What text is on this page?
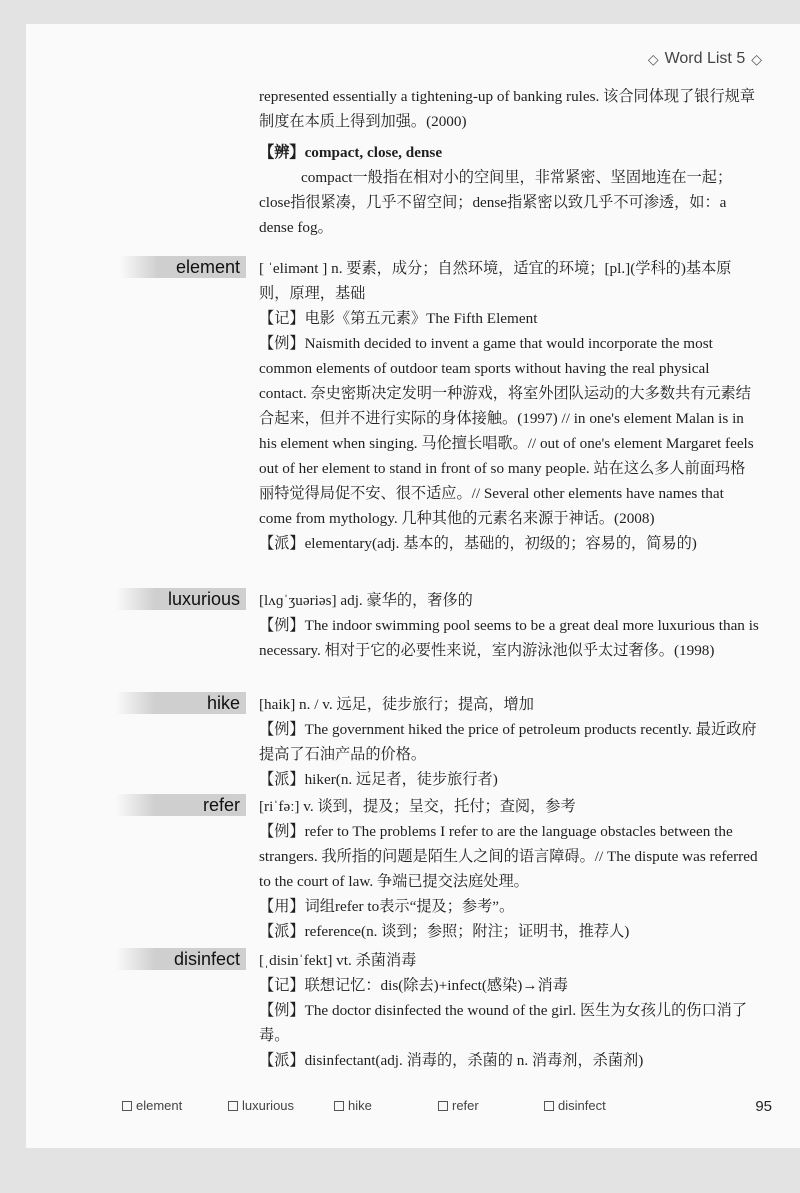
◇ Word List 5 ◇

represented essentially a tightening-up of banking rules. 该合同体现了银行规章制度在本质上得到加强。(2000)

【辨】compact, close, dense

compact一般指在相对小的空间里，非常紧密、坚固地连在一起；close指很紧凑，几乎不留空间；dense指紧密以致几乎不可渗透，如：a dense fog。

element	[ ˈelimənt ] n. 要素，成分；自然环境，适宜的环境；[pl.](学科的)基本原则，原理，基础

【记】电影《第五元素》The Fifth Element

【例】Naismith decided to invent a game that would incorporate the most common elements of outdoor team sports without having the real physical contact. 奈史密斯决定发明一种游戏，将室外团队运动的大多数共有元素结合起来，但并不进行实际的身体接触。(1997) // in one's element Malan is in his element when singing. 马伦擅长唱歌。// out of one's element Margaret feels out of her element to stand in front of so many people. 站在这么多人前面玛格丽特觉得局促不安、很不适应。// Several other elements have names that come from mythology. 几种其他的元素名来源于神话。(2008)

【派】elementary(adj. 基本的，基础的，初级的；容易的，简易的)

luxurious	[lʌɡˈʒuəriəs] adj. 豪华的，奢侈的

【例】The indoor swimming pool seems to be a great deal more luxurious than is necessary. 相对于它的必要性来说，室内游泳池似乎太过奢侈。(1998)

hike	[haik] n. / v. 远足，徒步旅行；提高，增加

【例】The government hiked the price of petroleum products recently. 最近政府提高了石油产品的价格。

【派】hiker(n. 远足者，徒步旅行者)

refer	[riˈfəː] v. 谈到，提及；呈交，托付；查阅，参考

【例】refer to The problems I refer to are the language obstacles between the strangers. 我所指的问题是陌生人之间的语言障碍。// The dispute was referred to the court of law. 争端已提交法庭处理。

【用】词组refer to表示“提及；参考”。

【派】reference(n. 谈到；参照；附注；证明书，推荐人)

disinfect	[ˌdisinˈfekt] vt. 杀菌消毒

【记】联想记忆：dis(除去)+infect(感染)→消毒

【例】The doctor disinfected the wound of the girl. 医生为女孩儿的伤口消了毒。

【派】disinfectant(adj. 消毒的，杀菌的 n. 消毒剂，杀菌剂)

element	luxurious	hike	refer	disinfect	95
